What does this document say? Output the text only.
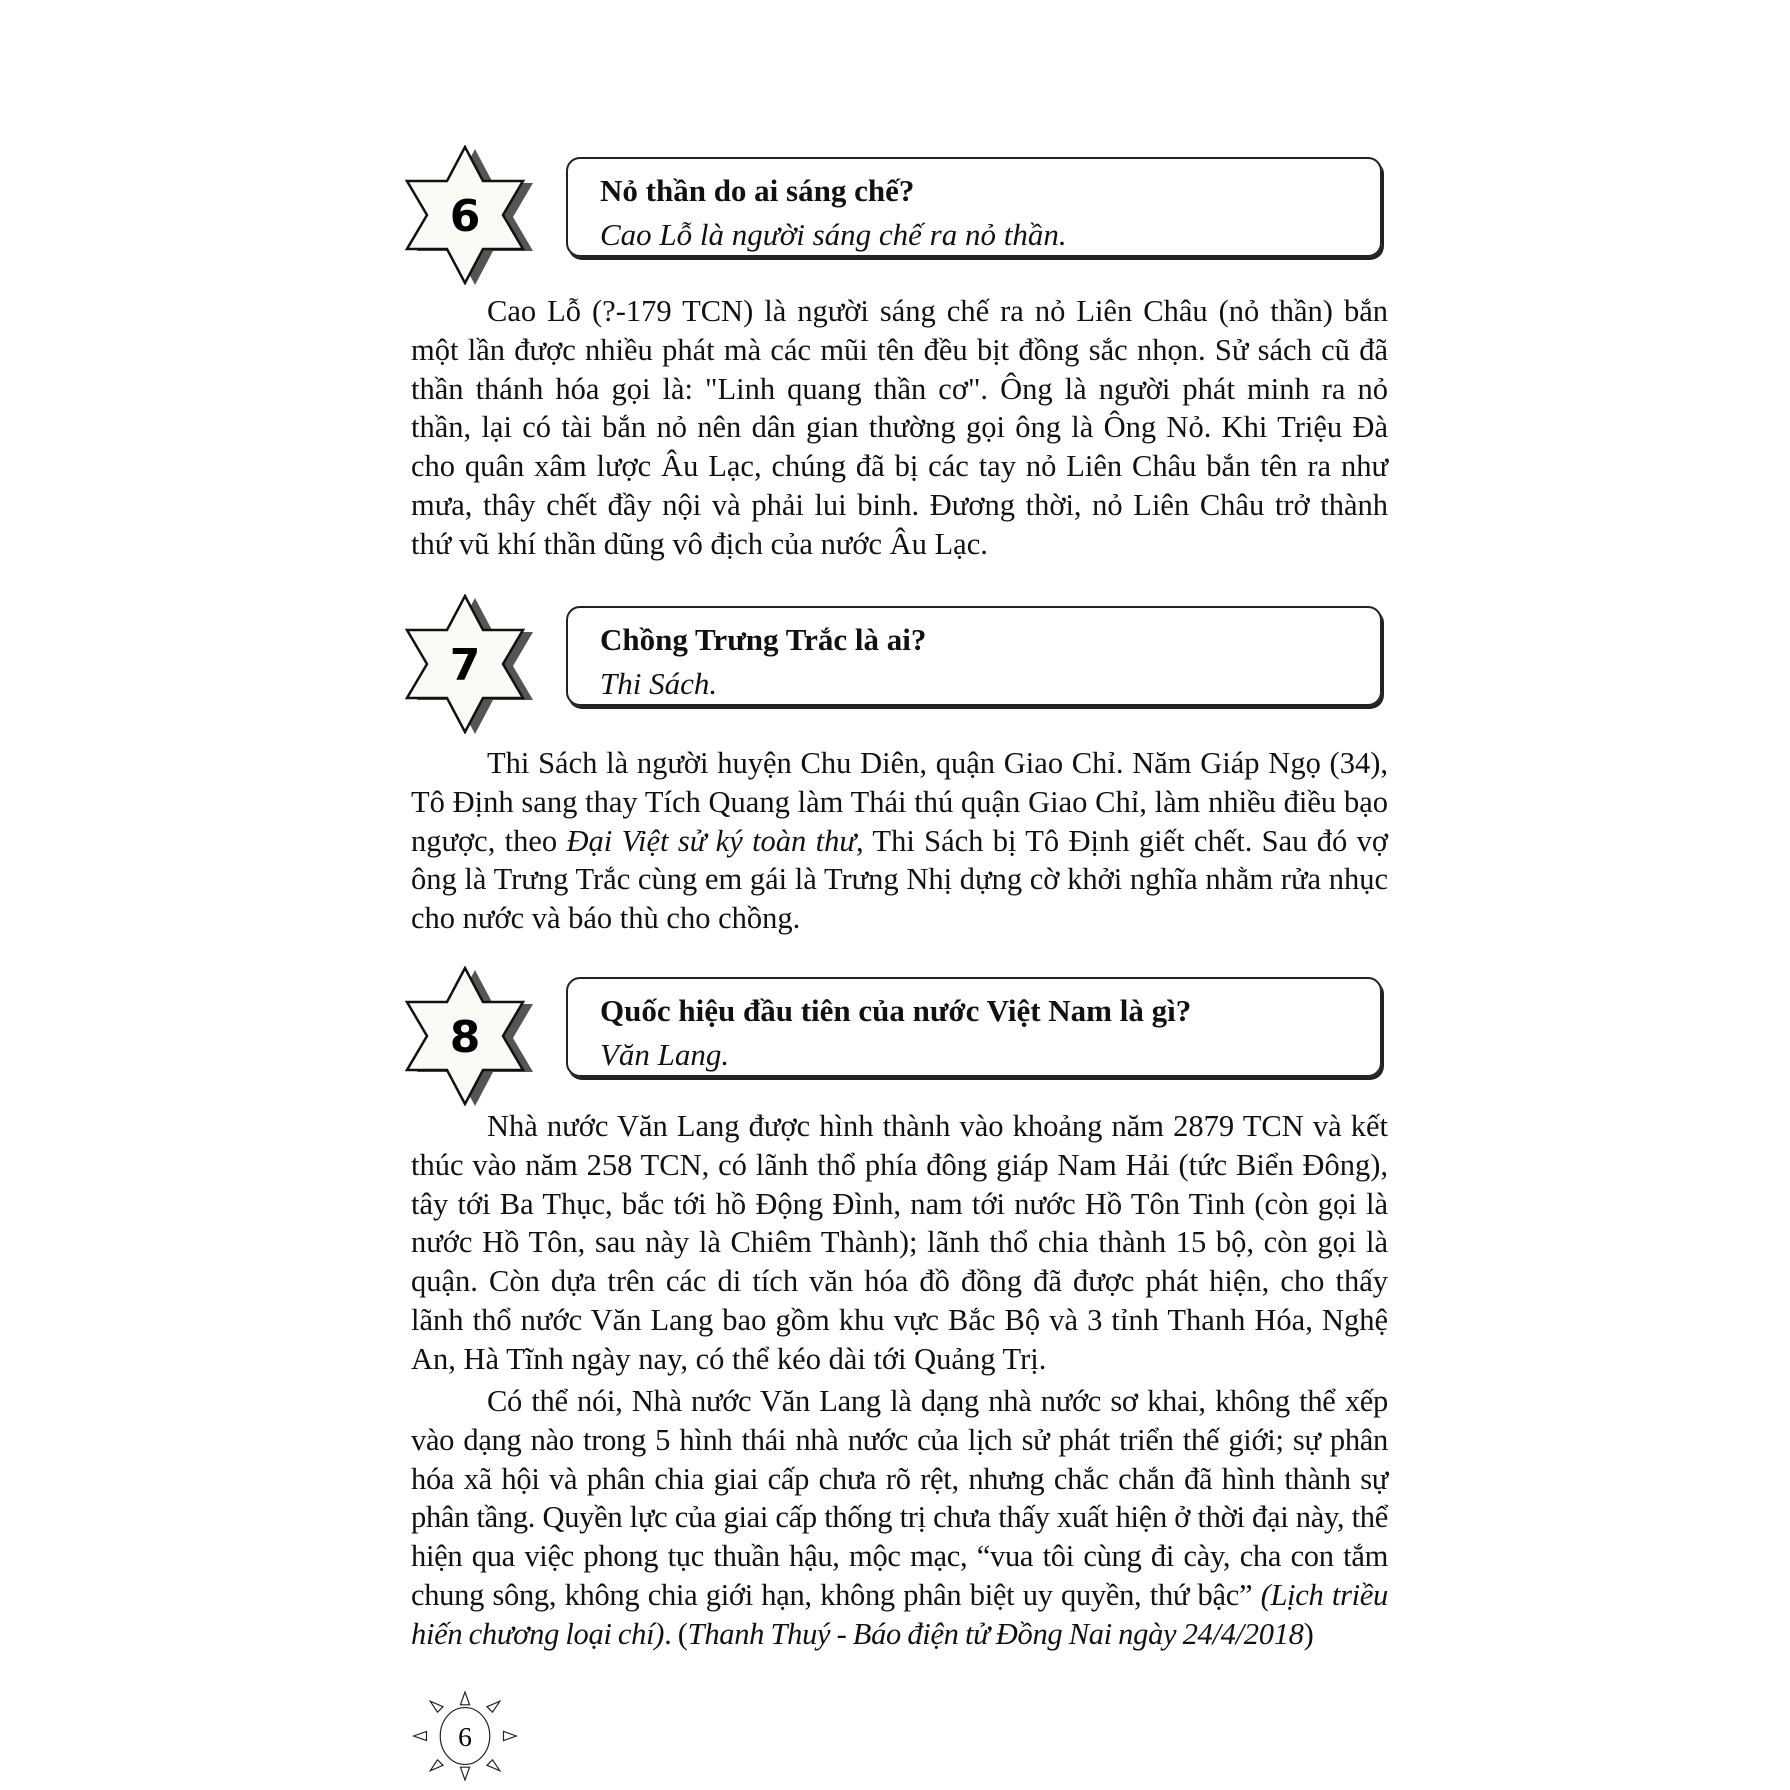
6
Nỏ thần do ai sáng chế?
Cao Lỗ là người sáng chế ra nỏ thần.

Cao Lỗ (?-179 TCN) là người sáng chế ra nỏ Liên Châu (nỏ thần) bắn một lần được nhiều phát mà các mũi tên đều bịt đồng sắc nhọn. Sử sách cũ đã thần thánh hóa gọi là: "Linh quang thần cơ". Ông là người phát minh ra nỏ thần, lại có tài bắn nỏ nên dân gian thường gọi ông là Ông Nỏ. Khi Triệu Đà cho quân xâm lược Âu Lạc, chúng đã bị các tay nỏ Liên Châu bắn tên ra như mưa, thây chết đầy nội và phải lui binh. Đương thời, nỏ Liên Châu trở thành thứ vũ khí thần dũng vô địch của nước Âu Lạc.

7
Chồng Trưng Trắc là ai?
Thi Sách.

Thi Sách là người huyện Chu Diên, quận Giao Chỉ. Năm Giáp Ngọ (34), Tô Định sang thay Tích Quang làm Thái thú quận Giao Chỉ, làm nhiều điều bạo ngược, theo Đại Việt sử ký toàn thư, Thi Sách bị Tô Định giết chết. Sau đó vợ ông là Trưng Trắc cùng em gái là Trưng Nhị dựng cờ khởi nghĩa nhằm rửa nhục cho nước và báo thù cho chồng.

8
Quốc hiệu đầu tiên của nước Việt Nam là gì?
Văn Lang.

Nhà nước Văn Lang được hình thành vào khoảng năm 2879 TCN và kết thúc vào năm 258 TCN, có lãnh thổ phía đông giáp Nam Hải (tức Biển Đông), tây tới Ba Thục, bắc tới hồ Động Đình, nam tới nước Hồ Tôn Tinh (còn gọi là nước Hồ Tôn, sau này là Chiêm Thành); lãnh thổ chia thành 15 bộ, còn gọi là quận. Còn dựa trên các di tích văn hóa đồ đồng đã được phát hiện, cho thấy lãnh thổ nước Văn Lang bao gồm khu vực Bắc Bộ và 3 tỉnh Thanh Hóa, Nghệ An, Hà Tĩnh ngày nay, có thể kéo dài tới Quảng Trị.

Có thể nói, Nhà nước Văn Lang là dạng nhà nước sơ khai, không thể xếp vào dạng nào trong 5 hình thái nhà nước của lịch sử phát triển thế giới; sự phân hóa xã hội và phân chia giai cấp chưa rõ rệt, nhưng chắc chắn đã hình thành sự phân tầng. Quyền lực của giai cấp thống trị chưa thấy xuất hiện ở thời đại này, thể hiện qua việc phong tục thuần hậu, mộc mạc, “vua tôi cùng đi cày, cha con tắm chung sông, không chia giới hạn, không phân biệt uy quyền, thứ bậc” (Lịch triều hiến chương loại chí). (Thanh Thuý - Báo điện tử Đồng Nai ngày 24/4/2018)

6
